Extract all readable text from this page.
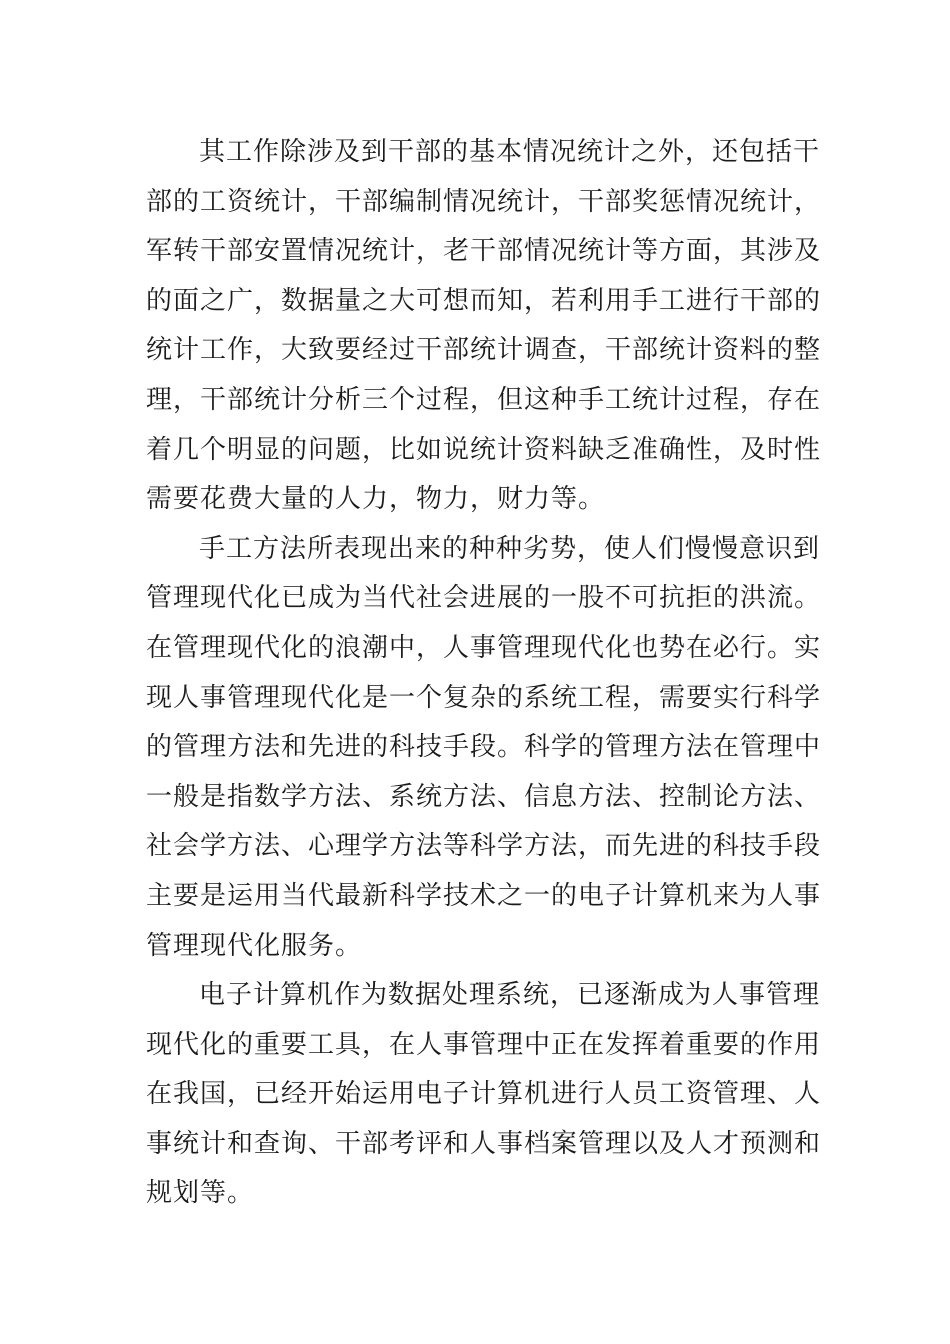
其工作除涉及到干部的基本情况统计之外，还包括干
部的工资统计，干部编制情况统计，干部奖惩情况统计，
军转干部安置情况统计，老干部情况统计等方面，其涉及
的面之广，数据量之大可想而知，若利用手工进行干部的
统计工作，大致要经过干部统计调查，干部统计资料的整
理，干部统计分析三个过程，但这种手工统计过程，存在
着几个明显的问题，比如说统计资料缺乏准确性，及时性
需要花费大量的人力，物力，财力等。
手工方法所表现出来的种种劣势，使人们慢慢意识到
管理现代化已成为当代社会进展的一股不可抗拒的洪流。
在管理现代化的浪潮中，人事管理现代化也势在必行。实
现人事管理现代化是一个复杂的系统工程，需要实行科学
的管理方法和先进的科技手段。科学的管理方法在管理中
一般是指数学方法、系统方法、信息方法、控制论方法、
社会学方法、心理学方法等科学方法，而先进的科技手段
主要是运用当代最新科学技术之一的电子计算机来为人事
管理现代化服务。
电子计算机作为数据处理系统，已逐渐成为人事管理
现代化的重要工具，在人事管理中正在发挥着重要的作用
在我国，已经开始运用电子计算机进行人员工资管理、人
事统计和查询、干部考评和人事档案管理以及人才预测和
规划等。
